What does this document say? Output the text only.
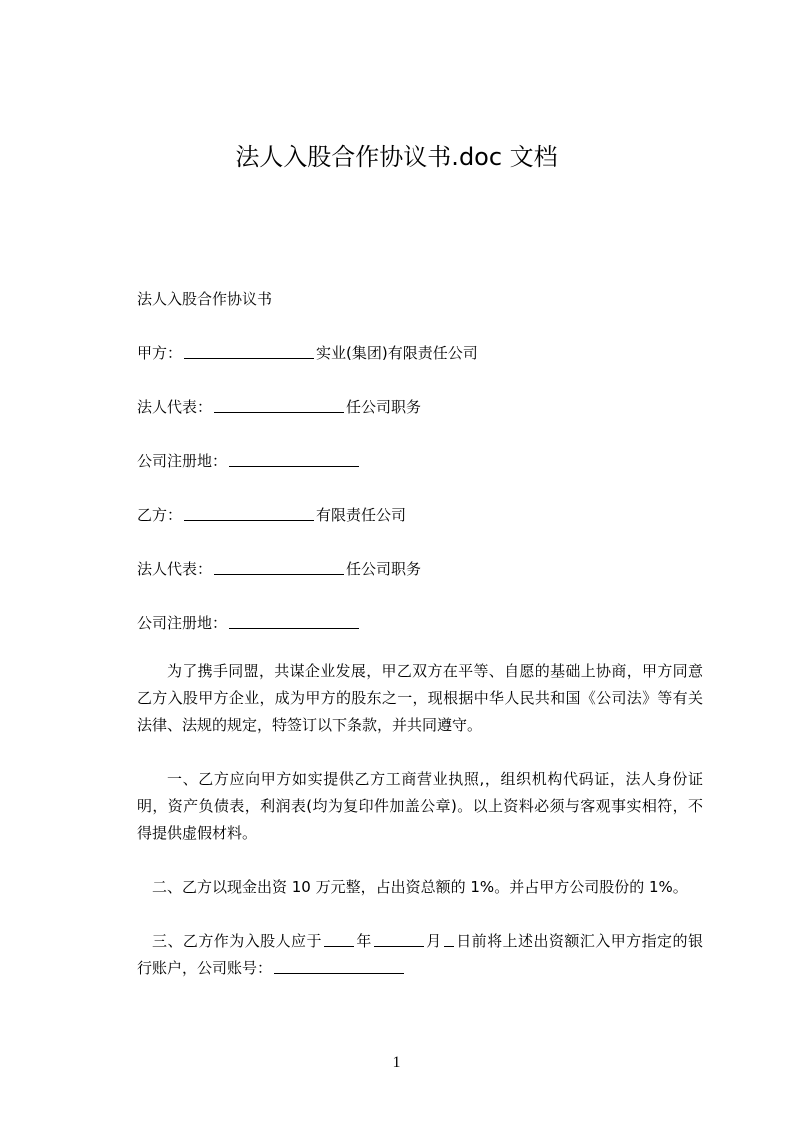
法人入股合作协议书.doc 文档
法人入股合作协议书
甲方：	实业(集团)有限责任公司
法人代表：	任公司职务
公司注册地：
乙方：	有限责任公司
法人代表：	任公司职务
公司注册地：
为了携手同盟，共谋企业发展，甲乙双方在平等、自愿的基础上协商，甲方同意乙方入股甲方企业，成为甲方的股东之一，现根据中华人民共和国《公司法》等有关法律、法规的规定，特签订以下条款，并共同遵守。
一、乙方应向甲方如实提供乙方工商营业执照,，组织机构代码证，法人身份证明，资产负债表，利润表(均为复印件加盖公章)。以上资料必须与客观事实相符，不得提供虚假材料。
二、乙方以现金出资 10 万元整，占出资总额的 1%。并占甲方公司股份的 1%。
三、乙方作为入股人应于 年	月 日前将上述出资额汇入甲方指定的银行账户，公司账号：
1
